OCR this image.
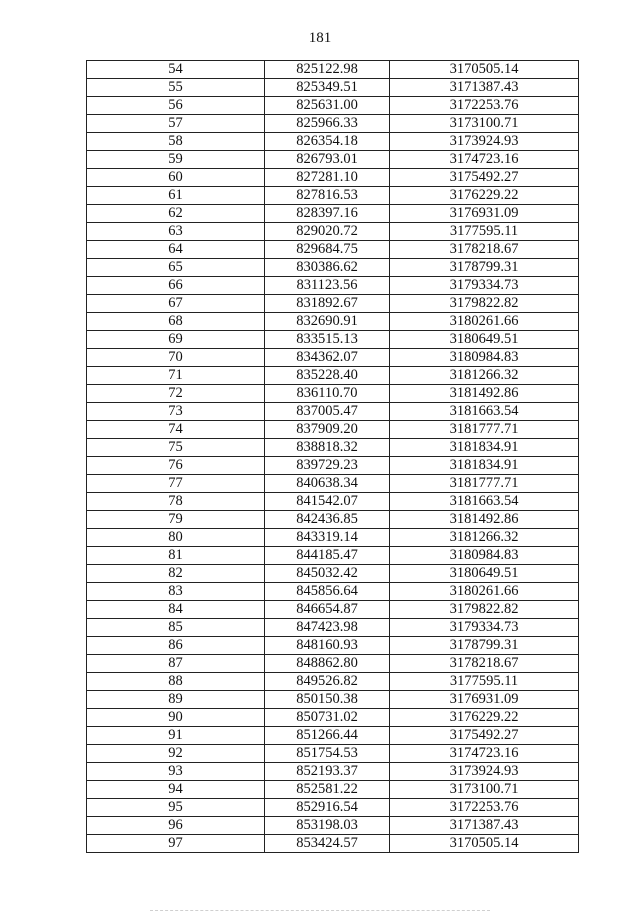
181
54	825122.98	3170505.14
55	825349.51	3171387.43
56	825631.00	3172253.76
57	825966.33	3173100.71
58	826354.18	3173924.93
59	826793.01	3174723.16
60	827281.10	3175492.27
61	827816.53	3176229.22
62	828397.16	3176931.09
63	829020.72	3177595.11
64	829684.75	3178218.67
65	830386.62	3178799.31
66	831123.56	3179334.73
67	831892.67	3179822.82
68	832690.91	3180261.66
69	833515.13	3180649.51
70	834362.07	3180984.83
71	835228.40	3181266.32
72	836110.70	3181492.86
73	837005.47	3181663.54
74	837909.20	3181777.71
75	838818.32	3181834.91
76	839729.23	3181834.91
77	840638.34	3181777.71
78	841542.07	3181663.54
79	842436.85	3181492.86
80	843319.14	3181266.32
81	844185.47	3180984.83
82	845032.42	3180649.51
83	845856.64	3180261.66
84	846654.87	3179822.82
85	847423.98	3179334.73
86	848160.93	3178799.31
87	848862.80	3178218.67
88	849526.82	3177595.11
89	850150.38	3176931.09
90	850731.02	3176229.22
91	851266.44	3175492.27
92	851754.53	3174723.16
93	852193.37	3173924.93
94	852581.22	3173100.71
95	852916.54	3172253.76
96	853198.03	3171387.43
97	853424.57	3170505.14
